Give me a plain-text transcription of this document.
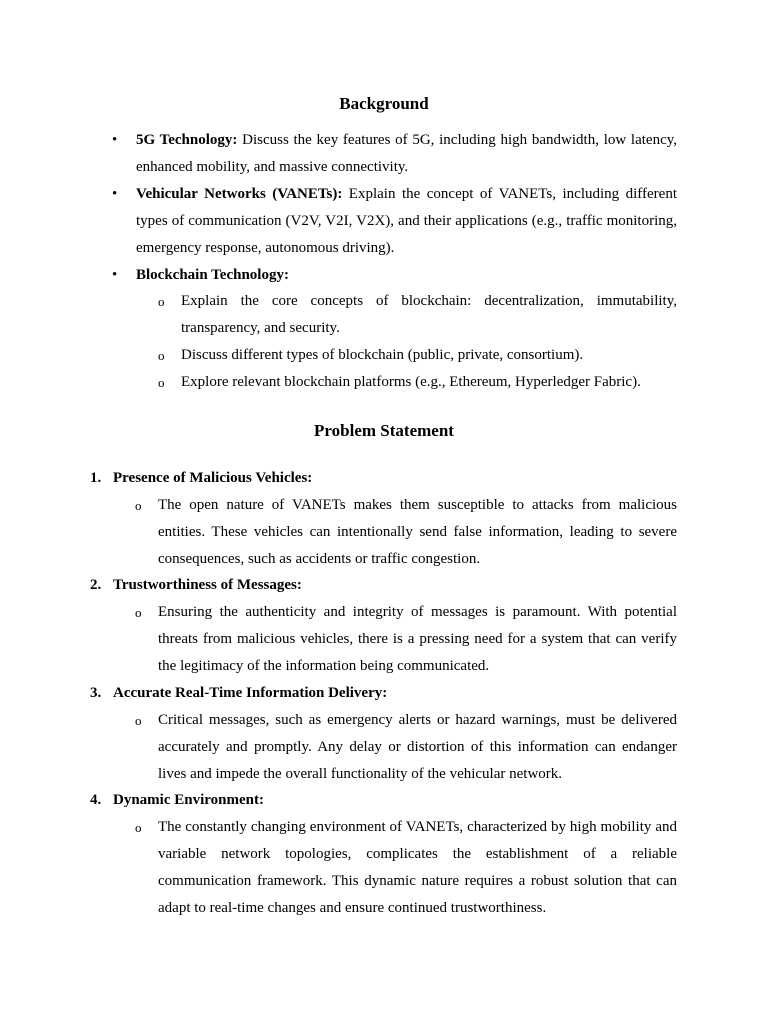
Background
• 5G Technology: Discuss the key features of 5G, including high bandwidth, low latency, enhanced mobility, and massive connectivity.

• Vehicular Networks (VANETs): Explain the concept of VANETs, including different types of communication (V2V, V2I, V2X), and their applications (e.g., traffic monitoring, emergency response, autonomous driving).

• Blockchain Technology:

o Explain the core concepts of blockchain: decentralization, immutability, transparency, and security.

o Discuss different types of blockchain (public, private, consortium).

o Explore relevant blockchain platforms (e.g., Ethereum, Hyperledger Fabric).

Problem Statement
1. Presence of Malicious Vehicles:

o The open nature of VANETs makes them susceptible to attacks from malicious entities. These vehicles can intentionally send false information, leading to severe consequences, such as accidents or traffic congestion.

2. Trustworthiness of Messages:

o Ensuring the authenticity and integrity of messages is paramount. With potential threats from malicious vehicles, there is a pressing need for a system that can verify the legitimacy of the information being communicated.

3. Accurate Real-Time Information Delivery:

o Critical messages, such as emergency alerts or hazard warnings, must be delivered accurately and promptly. Any delay or distortion of this information can endanger lives and impede the overall functionality of the vehicular network.

4. Dynamic Environment:

o The constantly changing environment of VANETs, characterized by high mobility and variable network topologies, complicates the establishment of a reliable communication framework. This dynamic nature requires a robust solution that can adapt to real-time changes and ensure continued trustworthiness.
